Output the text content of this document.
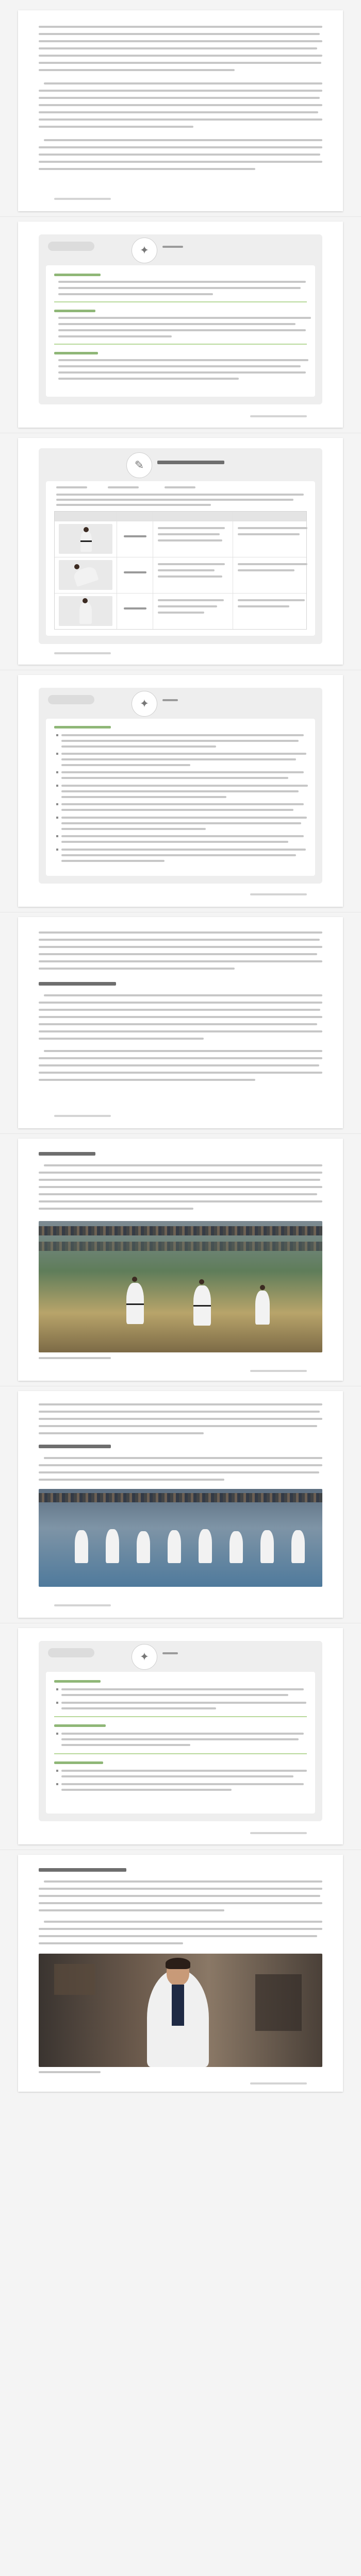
✦
✎
✦
✦
